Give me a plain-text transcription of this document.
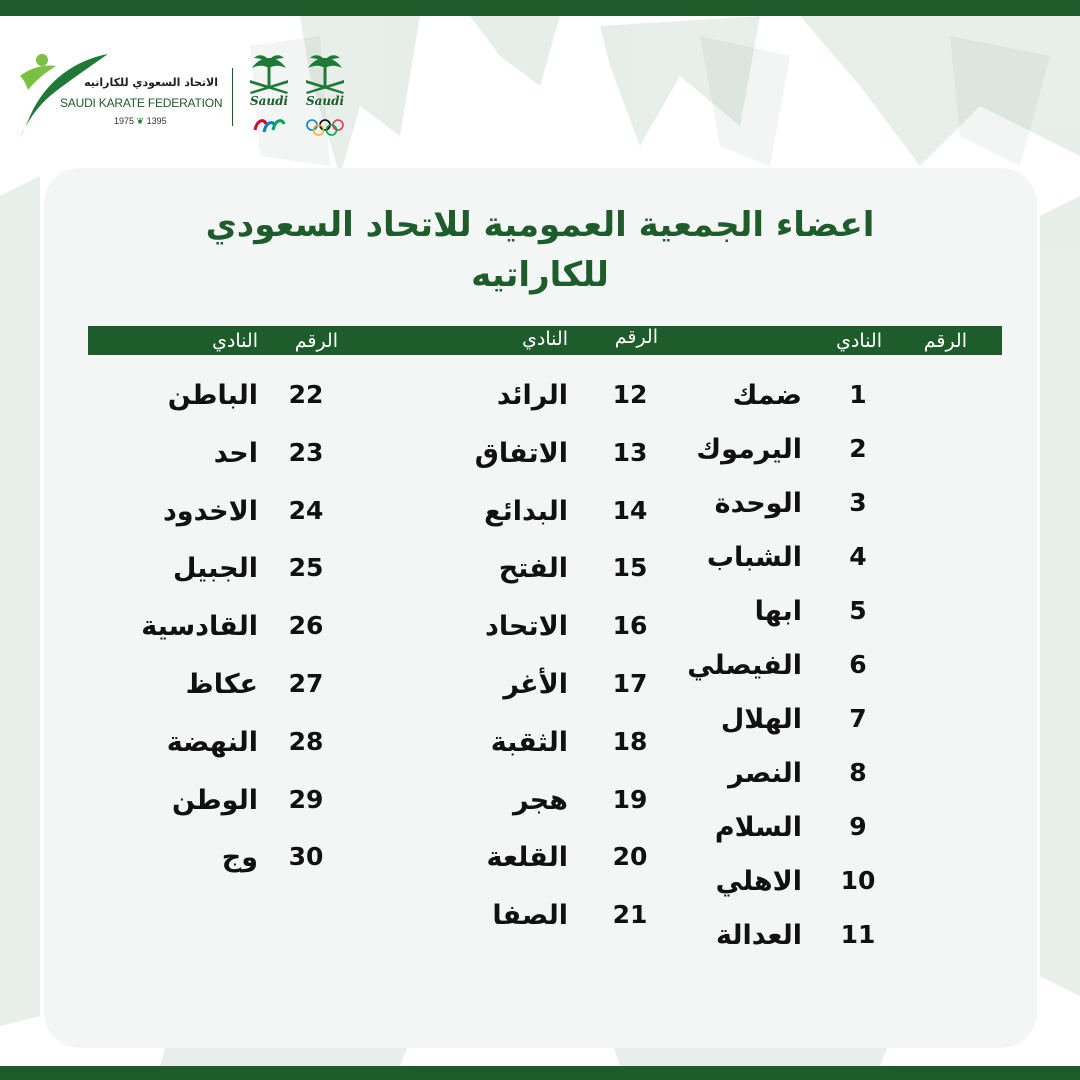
الاتحاد السعودي للكاراتيه
SAUDI KARATE FEDERATION
1975 ❦ 1395
Saudi	Saudi
اعضاء الجمعية العمومية للاتحاد السعودي
للكاراتيه
الرقم
النادي
الرقم
النادي
الرقم
النادي
1
ضمك
2
اليرموك
3
الوحدة
4
الشباب
5
ابها
6
الفيصلي
7
الهلال
8
النصر
9
السلام
10
الاهلي
11
العدالة
12
الرائد
13
الاتفاق
14
البدائع
15
الفتح
16
الاتحاد
17
الأغر
18
الثقبة
19
هجر
20
القلعة
21
الصفا
22
الباطن
23
احد
24
الاخدود
25
الجبيل
26
القادسية
27
عكاظ
28
النهضة
29
الوطن
30
وج
